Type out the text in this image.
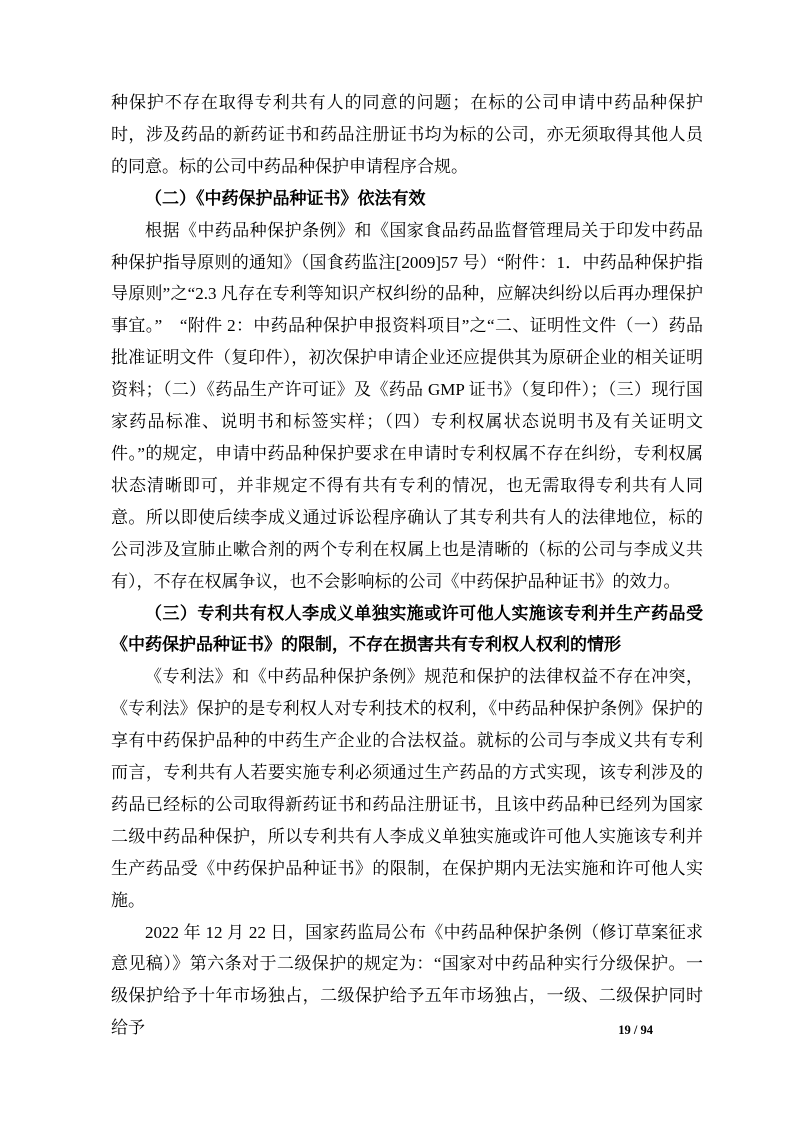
种保护不存在取得专利共有人的同意的问题；在标的公司申请中药品种保护时，涉及药品的新药证书和药品注册证书均为标的公司，亦无须取得其他人员的同意。标的公司中药品种保护申请程序合规。

（二）《中药保护品种证书》依法有效

根据《中药品种保护条例》和《国家食品药品监督管理局关于印发中药品种保护指导原则的通知》（国食药监注[2009]57 号）“附件：1．中药品种保护指导原则”之“2.3 凡存在专利等知识产权纠纷的品种，应解决纠纷以后再办理保护事宜。”　“附件 2：中药品种保护申报资料项目”之“二、证明性文件（一）药品批准证明文件（复印件），初次保护申请企业还应提供其为原研企业的相关证明资料；（二）《药品生产许可证》及《药品 GMP 证书》（复印件）；（三）现行国家药品标准、说明书和标签实样；（四）专利权属状态说明书及有关证明文件。”的规定，申请中药品种保护要求在申请时专利权属不存在纠纷，专利权属状态清晰即可，并非规定不得有共有专利的情况，也无需取得专利共有人同意。所以即使后续李成义通过诉讼程序确认了其专利共有人的法律地位，标的公司涉及宣肺止嗽合剂的两个专利在权属上也是清晰的（标的公司与李成义共有），不存在权属争议，也不会影响标的公司《中药保护品种证书》的效力。

（三）专利共有权人李成义单独实施或许可他人实施该专利并生产药品受《中药保护品种证书》的限制，不存在损害共有专利权人权利的情形

《专利法》和《中药品种保护条例》规范和保护的法律权益不存在冲突，《专利法》保护的是专利权人对专利技术的权利，《中药品种保护条例》保护的享有中药保护品种的中药生产企业的合法权益。就标的公司与李成义共有专利而言，专利共有人若要实施专利必须通过生产药品的方式实现，该专利涉及的药品已经标的公司取得新药证书和药品注册证书，且该中药品种已经列为国家二级中药品种保护，所以专利共有人李成义单独实施或许可他人实施该专利并生产药品受《中药保护品种证书》的限制，在保护期内无法实施和许可他人实施。

2022 年 12 月 22 日，国家药监局公布《中药品种保护条例（修订草案征求意见稿）》第六条对于二级保护的规定为：“国家对中药品种实行分级保护。一级保护给予十年市场独占，二级保护给予五年市场独占，一级、二级保护同时给予	19 / 94
